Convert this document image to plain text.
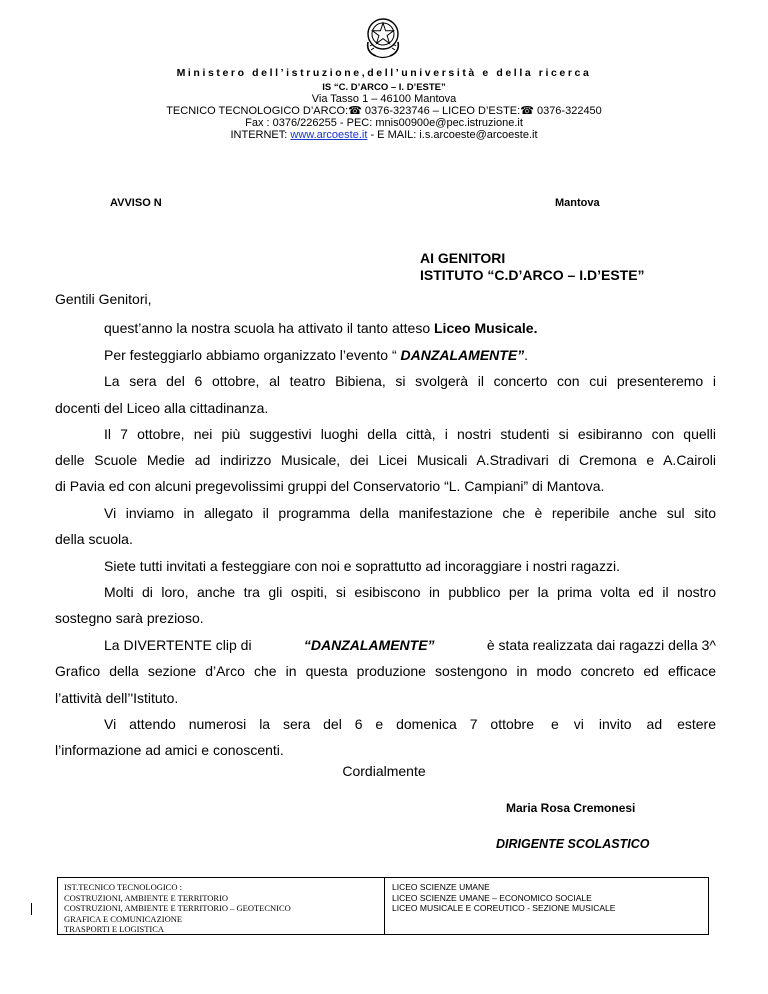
Ministero dell’istruzione,dell’università e della ricerca
IS “C. D’ARCO – I. D’ESTE”
Via Tasso 1 – 46100 Mantova
TECNICO TECNOLOGICO D’ARCO:☎ 0376-323746 – LICEO D’ESTE:☎ 0376-322450
Fax : 0376/226255 - PEC: mnis00900e@pec.istruzione.it
INTERNET: www.arcoeste.it - E MAIL: i.s.arcoeste@arcoeste.it
AVVISO N	Mantova
AI GENITORI
ISTITUTO “C.D’ARCO – I.D’ESTE”
Gentili Genitori,
quest’anno la nostra scuola ha attivato il tanto atteso Liceo Musicale.
Per festeggiarlo abbiamo organizzato l’evento “ DANZALAMENTE”.
La sera del 6 ottobre, al teatro Bibiena, si svolgerà il concerto con cui presenteremo i
docenti del Liceo alla cittadinanza.
Il 7 ottobre, nei più suggestivi luoghi della città, i nostri studenti si esibiranno con quelli
delle Scuole Medie ad indirizzo Musicale, dei Licei Musicali A.Stradivari di Cremona e A.Cairoli
di Pavia ed con alcuni pregevolissimi gruppi del Conservatorio “L. Campiani” di Mantova.
Vi inviamo in allegato il programma della manifestazione che è reperibile anche sul sito
della scuola.
Siete tutti invitati a festeggiare con noi e soprattutto ad incoraggiare i nostri ragazzi.
Molti di loro, anche tra gli ospiti, si esibiscono in pubblico per la prima volta ed il nostro
sostegno sarà prezioso.
La DIVERTENTE clip di	“DANZALAMENTE”	è stata realizzata dai ragazzi della 3^
Grafico della sezione d’Arco che in questa produzione sostengono in modo concreto ed efficace
l’attività dell’'Istituto.
Vi attendo numerosi la sera del 6 e domenica 7 ottobre e vi invito ad estere
l’informazione ad amici e conoscenti.
Cordialmente
Maria Rosa Cremonesi
DIRIGENTE SCOLASTICO
IST.TECNICO TECNOLOGICO :
COSTRUZIONI, AMBIENTE E TERRITORIO
COSTRUZIONI, AMBIENTE E TERRITORIO – GEOTECNICO
GRAFICA E COMUNICAZIONE
TRASPORTI E LOGISTICA
LICEO SCIENZE UMANE
LICEO SCIENZE UMANE – ECONOMICO SOCIALE
LICEO MUSICALE E COREUTICO - SEZIONE MUSICALE
